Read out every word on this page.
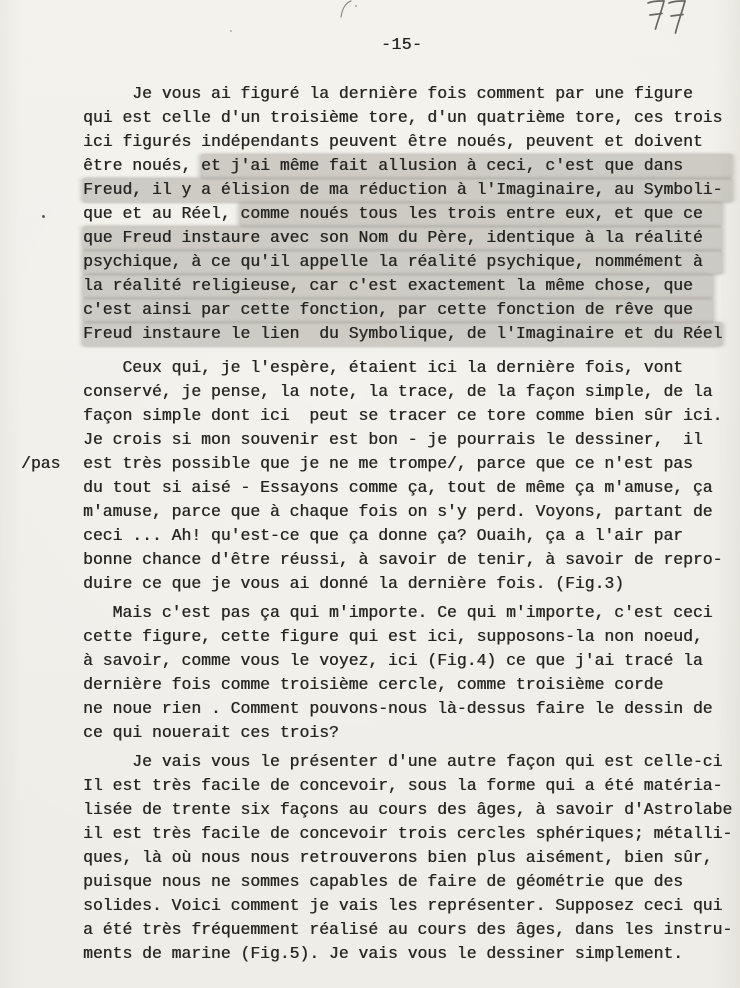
-15-
/pas
Je vous ai figuré la dernière fois comment par une figure
qui est celle d'un troisième tore, d'un quatrième tore, ces trois
ici figurés indépendants peuvent être noués, peuvent et doivent
être noués, et j'ai même fait allusion à ceci, c'est que dans
Freud, il y a élision de ma réduction à l'Imaginaire, au Symboli-
que et au Réel, comme noués tous les trois entre eux, et que ce
que Freud instaure avec son Nom du Père, identique à la réalité
psychique, à ce qu'il appelle la réalité psychique, nommément à
la réalité religieuse, car c'est exactement la même chose, que
c'est ainsi par cette fonction, par cette fonction de rêve que
Freud instaure le lien  du Symbolique, de l'Imaginaire et du Réel
Ceux qui, je l'espère, étaient ici la dernière fois, vont
conservé, je pense, la note, la trace, de la façon simple, de la
façon simple dont ici  peut se tracer ce tore comme bien sûr ici.
Je crois si mon souvenir est bon - je pourrais le dessiner,  il
est très possible que je ne me trompe/, parce que ce n'est pas
du tout si aisé - Essayons comme ça, tout de même ça m'amuse, ça
m'amuse, parce que à chaque fois on s'y perd. Voyons, partant de
ceci ... Ah! qu'est-ce que ça donne ça? Ouaih, ça a l'air par
bonne chance d'être réussi, à savoir de tenir, à savoir de repro-
duire ce que je vous ai donné la dernière fois. (Fig.3)
Mais c'est pas ça qui m'importe. Ce qui m'importe, c'est ceci
cette figure, cette figure qui est ici, supposons-la non noeud,
à savoir, comme vous le voyez, ici (Fig.4) ce que j'ai tracé la
dernière fois comme troisième cercle, comme troisième corde
ne noue rien . Comment pouvons-nous là-dessus faire le dessin de
ce qui nouerait ces trois?
Je vais vous le présenter d'une autre façon qui est celle-ci
Il est très facile de concevoir, sous la forme qui a été matéria-
lisée de trente six façons au cours des âges, à savoir d'Astrolabe
il est très facile de concevoir trois cercles sphériques; métalli-
ques, là où nous nous retrouverons bien plus aisément, bien sûr,
puisque nous ne sommes capables de faire de géométrie que des
solides. Voici comment je vais les représenter. Supposez ceci qui
a été très fréquemment réalisé au cours des âges, dans les instru-
ments de marine (Fig.5). Je vais vous le dessiner simplement.
